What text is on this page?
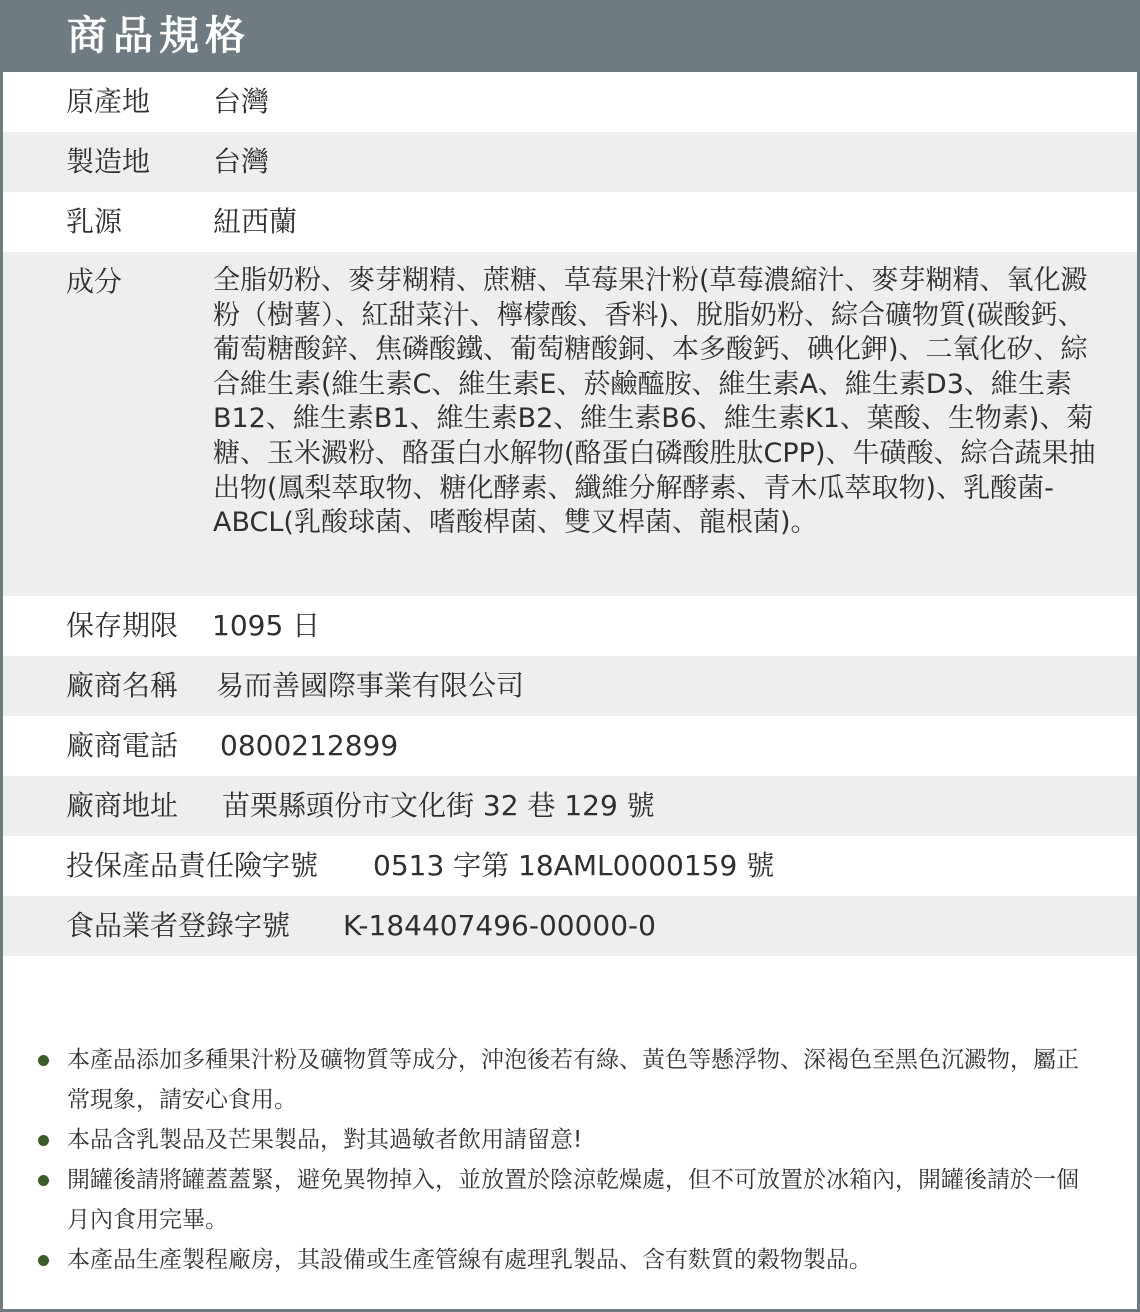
商品規格
原產地	台灣
製造地	台灣
乳源	紐西蘭
成分	全脂奶粉、麥芽糊精、蔗糖、草莓果汁粉(草莓濃縮汁、麥芽糊精、氧化澱粉（樹薯）、紅甜菜汁、檸檬酸、香料)、脫脂奶粉、綜合礦物質(碳酸鈣、葡萄糖酸鋅、焦磷酸鐵、葡萄糖酸銅、本多酸鈣、碘化鉀)、二氧化矽、綜合維生素(維生素C、維生素E、菸鹼醯胺、維生素A、維生素D3、維生素B12、維生素B1、維生素B2、維生素B6、維生素K1、葉酸、生物素)、菊糖、玉米澱粉、酪蛋白水解物(酪蛋白磷酸胜肽CPP)、牛磺酸、綜合蔬果抽出物(鳳梨萃取物、糖化酵素、纖維分解酵素、青木瓜萃取物)、乳酸菌-ABCL(乳酸球菌、嗜酸桿菌、雙叉桿菌、龍根菌)。
保存期限	1095 日
廠商名稱	易而善國際事業有限公司
廠商電話	0800212899
廠商地址	苗栗縣頭份市文化街 32 巷 129 號
投保產品責任險字號	0513 字第 18AML0000159 號
食品業者登錄字號	K-184407496-00000-0
本產品添加多種果汁粉及礦物質等成分，沖泡後若有綠、黃色等懸浮物、深褐色至黑色沉澱物，屬正常現象，請安心食用。
本品含乳製品及芒果製品，對其過敏者飲用請留意!
開罐後請將罐蓋蓋緊，避免異物掉入，並放置於陰涼乾燥處，但不可放置於冰箱內，開罐後請於一個月內食用完畢。
本產品生產製程廠房，其設備或生產管線有處理乳製品、含有麩質的穀物製品。
